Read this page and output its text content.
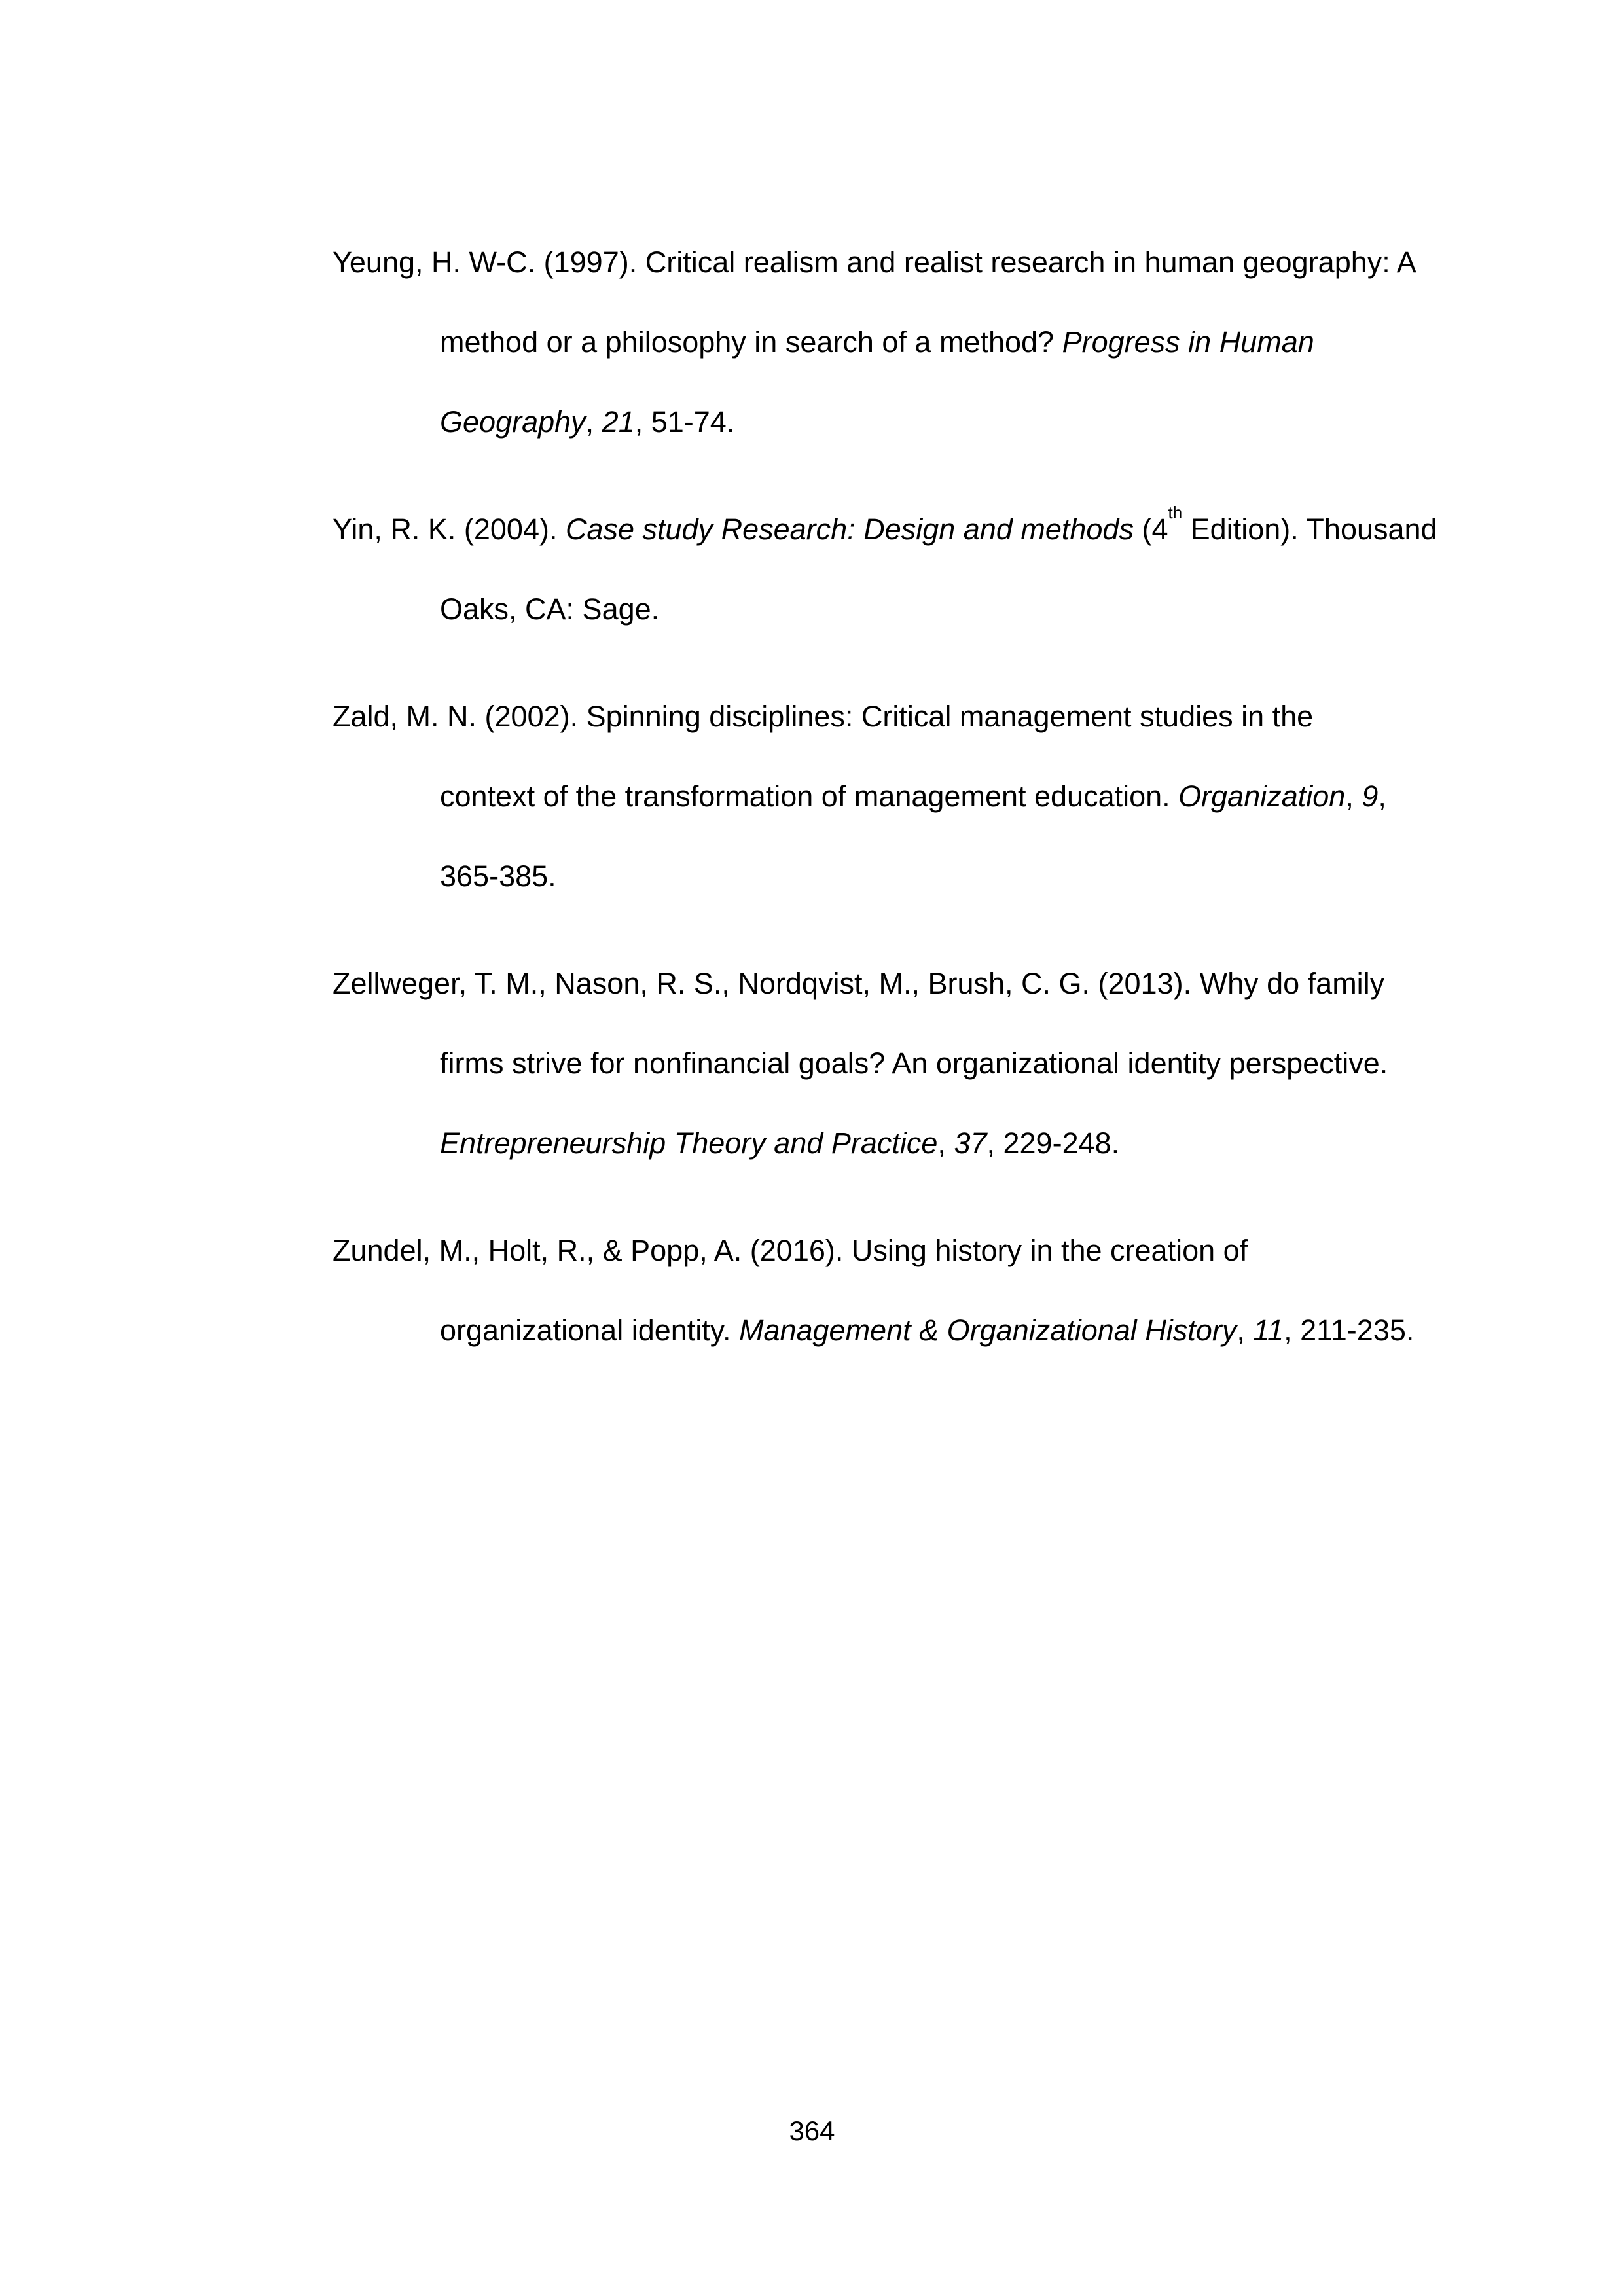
Yeung, H. W-C. (1997). Critical realism and realist research in human geography: A
method or a philosophy in search of a method? Progress in Human
Geography, 21, 51-74.

Yin, R. K. (2004). Case study Research: Design and methods (4th Edition). Thousand
Oaks, CA: Sage.

Zald, M. N. (2002). Spinning disciplines: Critical management studies in the
context of the transformation of management education. Organization, 9,
365-385.

Zellweger, T. M., Nason, R. S., Nordqvist, M., Brush, C. G. (2013). Why do family
firms strive for nonfinancial goals? An organizational identity perspective.
Entrepreneurship Theory and Practice, 37, 229-248.

Zundel, M., Holt, R., & Popp, A. (2016). Using history in the creation of
organizational identity. Management & Organizational History, 11, 211-235.

364
